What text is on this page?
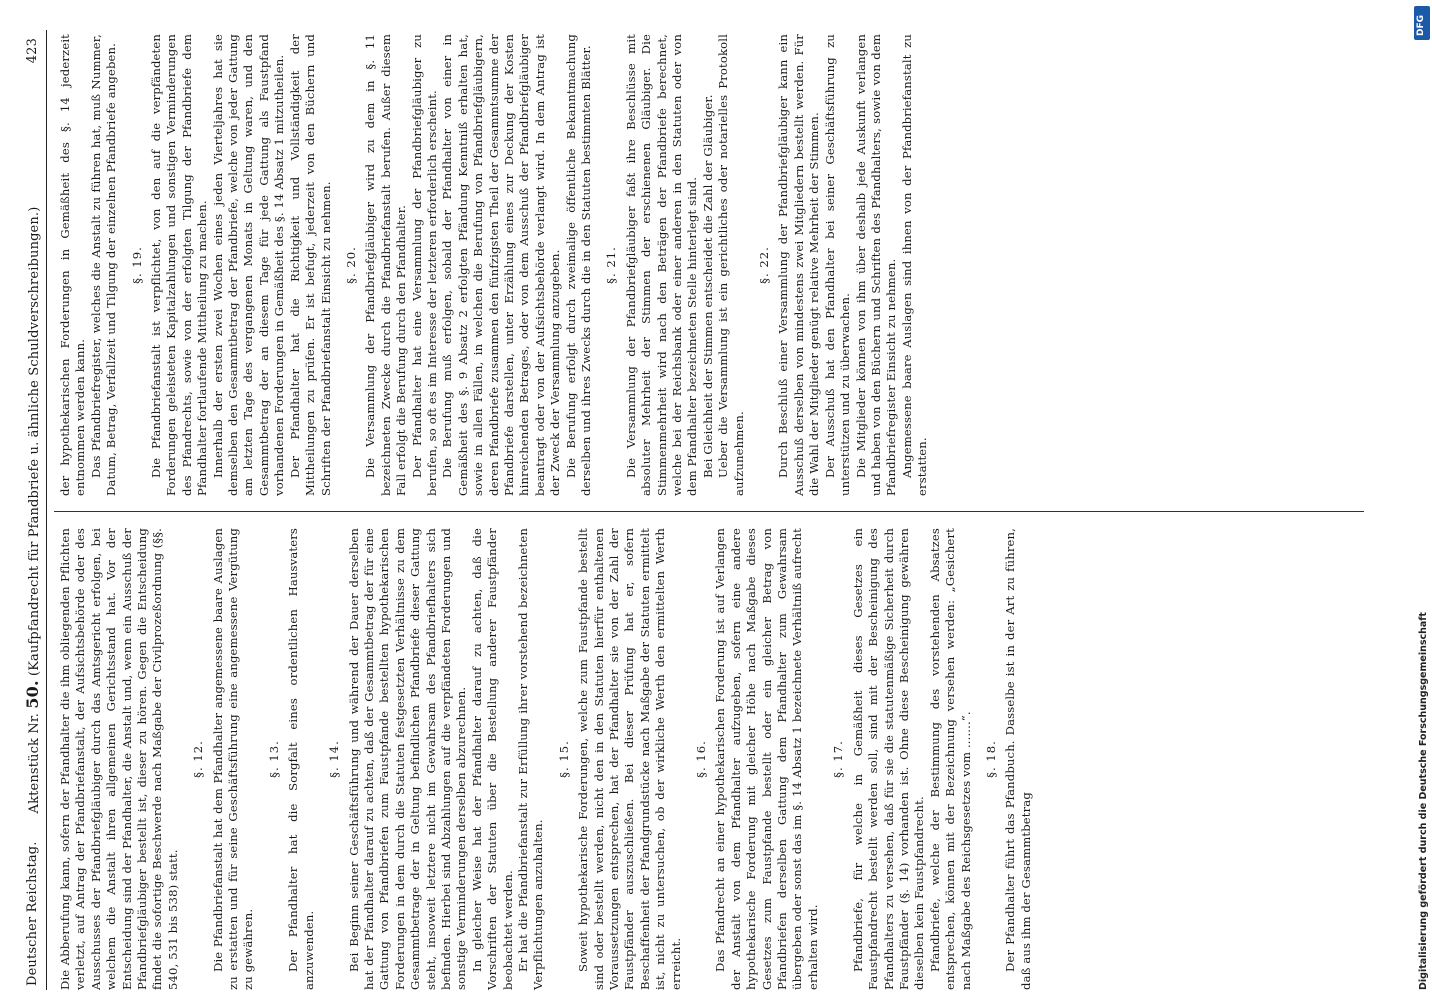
Deutscher Reichstag.
Aktenstück Nr. 50. (Kaufpfandrecht für Pfandbriefe u. ähnliche Schuldverschreibungen.)
423

Die Abberufung kann, sofern der Pfandhalter die ihm obliegenden Pflichten verletzt, auf Antrag der Pfandbriefanstalt, der Aufsichtsbehörde oder des Ausschusses der Pfandbriefgläubiger durch das Amtsgericht erfolgen, bei welchem die Anstalt ihren allgemeinen Gerichtsstand hat. Vor der Entscheidung sind der Pfandhalter, die Anstalt und, wenn ein Ausschuß der Pfandbriefgläubiger bestellt ist, dieser zu hören. Gegen die Entscheidung findet die sofortige Beschwerde nach Maßgabe der Civilprozeßordnung (§§. 540, 531 bis 538) statt.

§. 12. Die Pfandbriefanstalt hat dem Pfandhalter angemessene baare Auslagen zu erstatten und für seine Geschäftsführung eine angemessene Vergütung zu gewähren.

§. 13. Der Pfandhalter hat die Sorgfalt eines ordentlichen Hausvaters anzuwenden.

§. 14. Bei Beginn seiner Geschäftsführung und während der Dauer derselben hat der Pfandhalter darauf zu achten, daß der Gesammtbetrag der für eine Gattung von Pfandbriefen zum Faustpfande bestellten hypothekarischen Forderungen in dem durch die Statuten festgesetzten Verhältnisse zu dem Gesammtbetrage der in Geltung befindlichen Pfandbriefe dieser Gattung steht, insoweit letztere nicht im Gewahrsam des Pfandbriefhalters sich befinden. Hierbei sind Abzahlungen auf die verpfändeten Forderungen und sonstige Verminderungen derselben abzurechnen. In gleicher Weise hat der Pfandhalter darauf zu achten, daß die Vorschriften der Statuten über die Bestellung anderer Faustpfänder beobachtet werden. Er hat die Pfandbriefanstalt zur Erfüllung ihrer vorstehend bezeichneten Verpflichtungen anzuhalten.

§. 15. Soweit hypothekarische Forderungen, welche zum Faustpfande bestellt sind oder bestellt werden, nicht den in den Statuten hierfür enthaltenen Voraussetzungen entsprechen, hat der Pfandhalter sie von der Zahl der Faustpfänder auszuschließen. Bei dieser Prüfung hat er, sofern Beschaffenheit der Pfandgrundstücke nach Maßgabe der Statuten ermittelt ist, nicht zu untersuchen, ob der wirkliche Werth den ermittelten Werth erreicht.

§. 16. Das Pfandrecht an einer hypothekarischen Forderung ist auf Verlangen der Anstalt von dem Pfandhalter aufzugeben, sofern eine andere hypothekarische Forderung mit gleicher Höhe nach Maßgabe dieses Gesetzes zum Faustpfande bestellt oder ein gleicher Betrag von Pfandbriefen derselben Gattung dem Pfandhalter zum Gewahrsam übergeben oder sonst das im §. 14 Absatz 1 bezeichnete Verhältniß aufrecht erhalten wird.

§. 17. Pfandbriefe, für welche in Gemäßheit dieses Gesetzes ein Faustpfandrecht bestellt werden soll, sind mit der Bescheinigung des Pfandhalters zu versehen, daß für sie die statutenmäßige Sicherheit durch Faustpfänder (§. 14) vorhanden ist. Ohne diese Bescheinigung gewähren dieselben kein Faustpfandrecht. Pfandbriefe, welche der Bestimmung des vorstehenden Absatzes entsprechen, können mit der Bezeichnung versehen werden: „Gesichert nach Maßgabe des Reichsgesetzes vom .......“. §. 18. Der Pfandhalter führt das Pfandbuch. Dasselbe ist in der Art zu führen, daß aus ihm der Gesammtbetrag

der hypothekarischen Forderungen in Gemäßheit des §. 14 jederzeit entnommen werden kann. Das Pfandbriefregister, welches die Anstalt zu führen hat, muß Nummer, Datum, Betrag, Verfallzeit und Tilgung der einzelnen Pfandbriefe angeben. §. 19. Die Pfandbriefanstalt ist verpflichtet, von den auf die verpfändeten Forderungen geleisteten Kapitalzahlungen und sonstigen Verminderungen des Pfandrechts, sowie von der erfolgten Tilgung der Pfandbriefe dem Pfandhalter fortlaufende Mittheilung zu machen. Innerhalb der ersten zwei Wochen eines jeden Vierteljahres hat sie demselben den Gesammtbetrag der Pfandbriefe, welche von jeder Gattung am letzten Tage des vergangenen Monats in Geltung waren, und den Gesammtbetrag der an diesem Tage für jede Gattung als Faustpfand vorhandenen Forderungen in Gemäßheit des §. 14 Absatz 1 mitzutheilen. Der Pfandhalter hat die Richtigkeit und Vollständigkeit der Mittheilungen zu prüfen. Er ist befugt, jederzeit von den Büchern und Schriften der Pfandbriefanstalt Einsicht zu nehmen. §. 20. Die Versammlung der Pfandbriefgläubiger wird zu dem in §. 11 bezeichneten Zwecke durch die Pfandbriefanstalt berufen. Außer diesem Fall erfolgt die Berufung durch den Pfandhalter. Der Pfandhalter hat eine Versammlung der Pfandbriefgläubiger zu berufen, so oft es im Interesse der letzteren erforderlich erscheint. Die Berufung muß erfolgen, sobald der Pfandhalter von einer in Gemäßheit des §. 9 Absatz 2 erfolgten Pfändung Kenntniß erhalten hat, sowie in allen Fällen, in welchen die Berufung von Pfandbriefgläubigern, deren Pfandbriefe zusammen den fünfzigsten Theil der Gesammtsumme der Pfandbriefe darstellen, unter Erzählung eines zur Deckung der Kosten hinreichenden Betrages, oder von dem Ausschuß der Pfandbriefgläubiger beantragt oder von der Aufsichtsbehörde verlangt wird. In dem Antrag ist der Zweck der Versammlung anzugeben. Die Berufung erfolgt durch zweimalige öffentliche Bekanntmachung derselben und ihres Zwecks durch die in den Statuten bestimmten Blätter. §. 21. Die Versammlung der Pfandbriefgläubiger faßt ihre Beschlüsse mit absoluter Mehrheit der Stimmen der erschienenen Gläubiger. Die Stimmenmehrheit wird nach den Beträgen der Pfandbriefe berechnet, welche bei der Reichsbank oder einer anderen in den Statuten oder von dem Pfandhalter bezeichneten Stelle hinterlegt sind. Bei Gleichheit der Stimmen entscheidet die Zahl der Gläubiger. Ueber die Versammlung ist ein gerichtliches oder notarielles Protokoll aufzunehmen.

§. 22. Durch Beschluß einer Versammlung der Pfandbriefgläubiger kann ein Ausschuß derselben von mindestens zwei Mitgliedern bestellt werden. Für die Wahl der Mitglieder genügt relative Mehrheit der Stimmen. Der Ausschuß hat den Pfandhalter bei seiner Geschäftsführung zu unterstützen und zu überwachen. Die Mitglieder können von ihm über deshalb jede Auskunft verlangen und haben von den Büchern und Schriften des Pfandhalters, sowie von dem Pfandbriefregister Einsicht zu nehmen. Angemessene baare Auslagen sind ihnen von der Pfandbriefanstalt zu erstatten.

Digitalisierung gefördert durch die Deutsche Forschungsgemeinschaft
DFG
